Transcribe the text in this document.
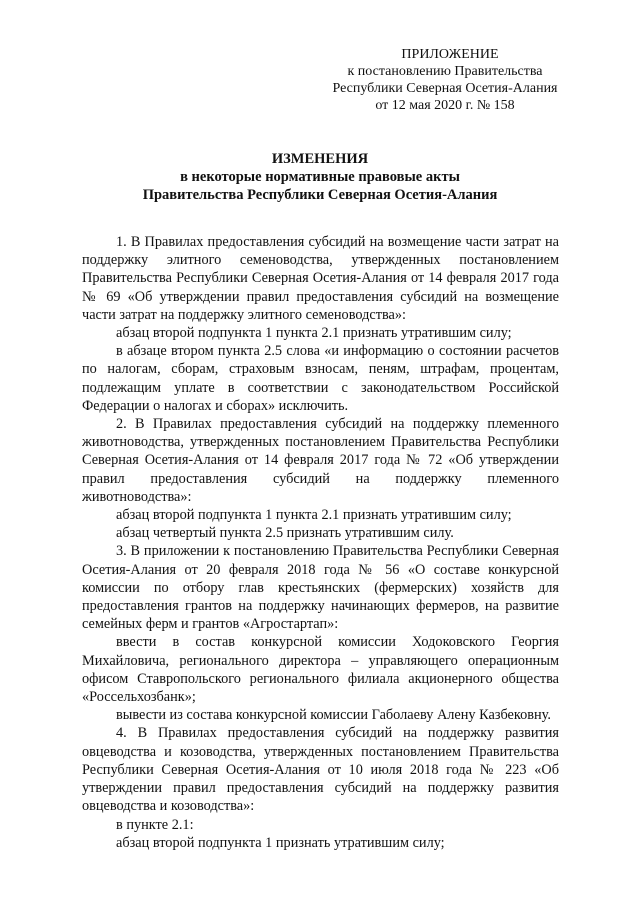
ПРИЛОЖЕНИЕ
к постановлению Правительства
Республики Северная Осетия-Алания
от 12 мая 2020 г. № 158
ИЗМЕНЕНИЯ
в некоторые нормативные правовые акты
Правительства Республики Северная Осетия-Алания

1. В Правилах предоставления субсидий на возмещение части затрат на поддержку элитного семеноводства, утвержденных постановлением Правительства Республики Северная Осетия-Алания от 14 февраля 2017 года № 69 «Об утверждении правил предоставления субсидий на возмещение части затрат на поддержку элитного семеноводства»:

абзац второй подпункта 1 пункта 2.1 признать утратившим силу;

в абзаце втором пункта 2.5 слова «и информацию о состоянии расчетов по налогам, сборам, страховым взносам, пеням, штрафам, процентам, подлежащим уплате в соответствии с законодательством Российской Федерации о налогах и сборах» исключить.

2. В Правилах предоставления субсидий на поддержку племенного животноводства, утвержденных постановлением Правительства Республики Северная Осетия-Алания от 14 февраля 2017 года № 72 «Об утверждении правил предоставления субсидий на поддержку племенного животноводства»:

абзац второй подпункта 1 пункта 2.1 признать утратившим силу;

абзац четвертый пункта 2.5 признать утратившим силу.

3. В приложении к постановлению Правительства Республики Северная Осетия-Алания от 20 февраля 2018 года № 56 «О составе конкурсной комиссии по отбору глав крестьянских (фермерских) хозяйств для предоставления грантов на поддержку начинающих фермеров, на развитие семейных ферм и грантов «Агростартап»:

ввести в состав конкурсной комиссии Ходоковского Георгия Михайловича, регионального директора – управляющего операционным офисом Ставропольского регионального филиала акционерного общества «Россельхозбанк»;

вывести из состава конкурсной комиссии Габолаеву Алену Казбековну.

4. В Правилах предоставления субсидий на поддержку развития овцеводства и козоводства, утвержденных постановлением Правительства Республики Северная Осетия-Алания от 10 июля 2018 года № 223 «Об утверждении правил предоставления субсидий на поддержку развития овцеводства и козоводства»:

в пункте 2.1:

абзац второй подпункта 1 признать утратившим силу;
